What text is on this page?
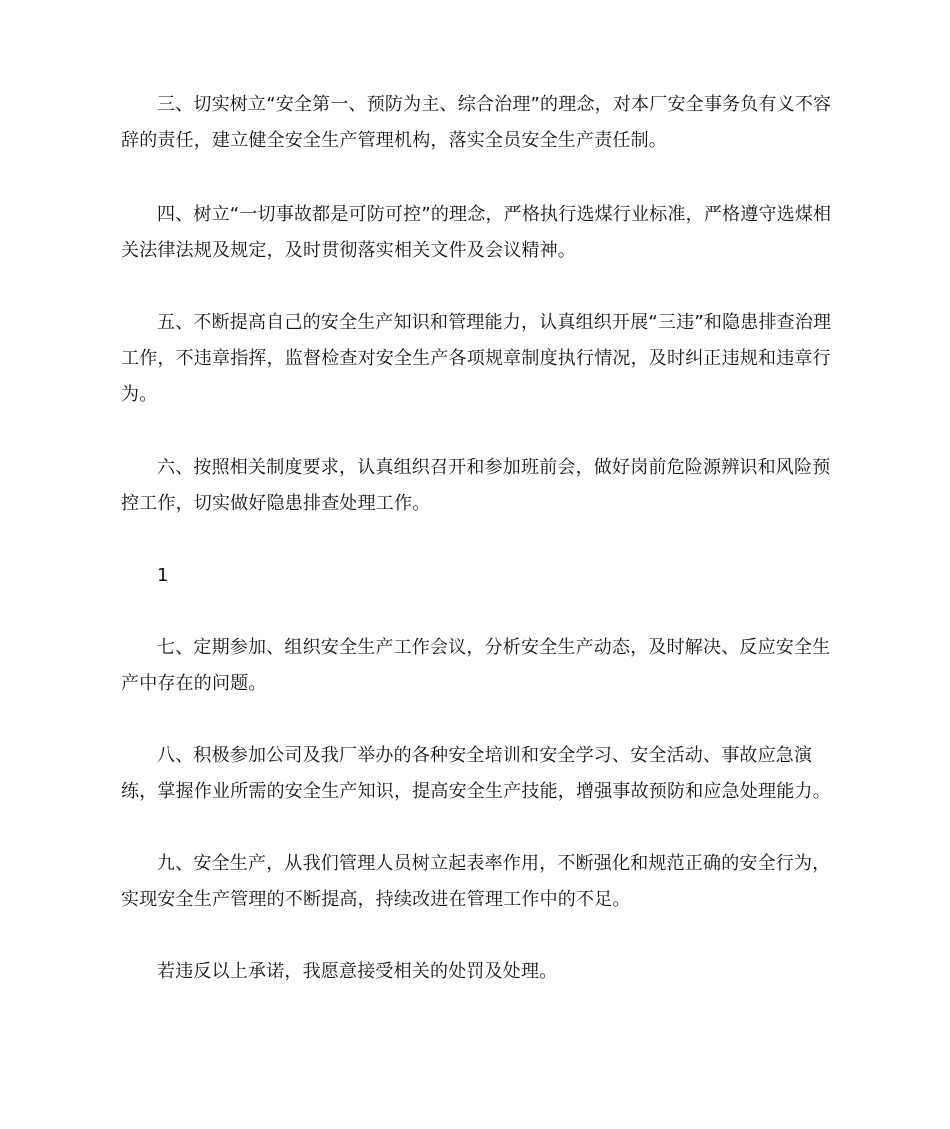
三、切实树立“安全第一、预防为主、综合治理”的理念，对本厂安全事务负有义不容辞的责任，建立健全安全生产管理机构，落实全员安全生产责任制。

四、树立“一切事故都是可防可控”的理念，严格执行选煤行业标准，严格遵守选煤相关法律法规及规定，及时贯彻落实相关文件及会议精神。

五、不断提高自己的安全生产知识和管理能力，认真组织开展“三违”和隐患排查治理工作，不违章指挥，监督检查对安全生产各项规章制度执行情况，及时纠正违规和违章行为。

六、按照相关制度要求，认真组织召开和参加班前会，做好岗前危险源辨识和风险预控工作，切实做好隐患排查处理工作。

1

七、定期参加、组织安全生产工作会议，分析安全生产动态，及时解决、反应安全生产中存在的问题。

八、积极参加公司及我厂举办的各种安全培训和安全学习、安全活动、事故应急演练，掌握作业所需的安全生产知识，提高安全生产技能，增强事故预防和应急处理能力。

九、安全生产，从我们管理人员树立起表率作用，不断强化和规范正确的安全行为，实现安全生产管理的不断提高，持续改进在管理工作中的不足。

若违反以上承诺，我愿意接受相关的处罚及处理。
